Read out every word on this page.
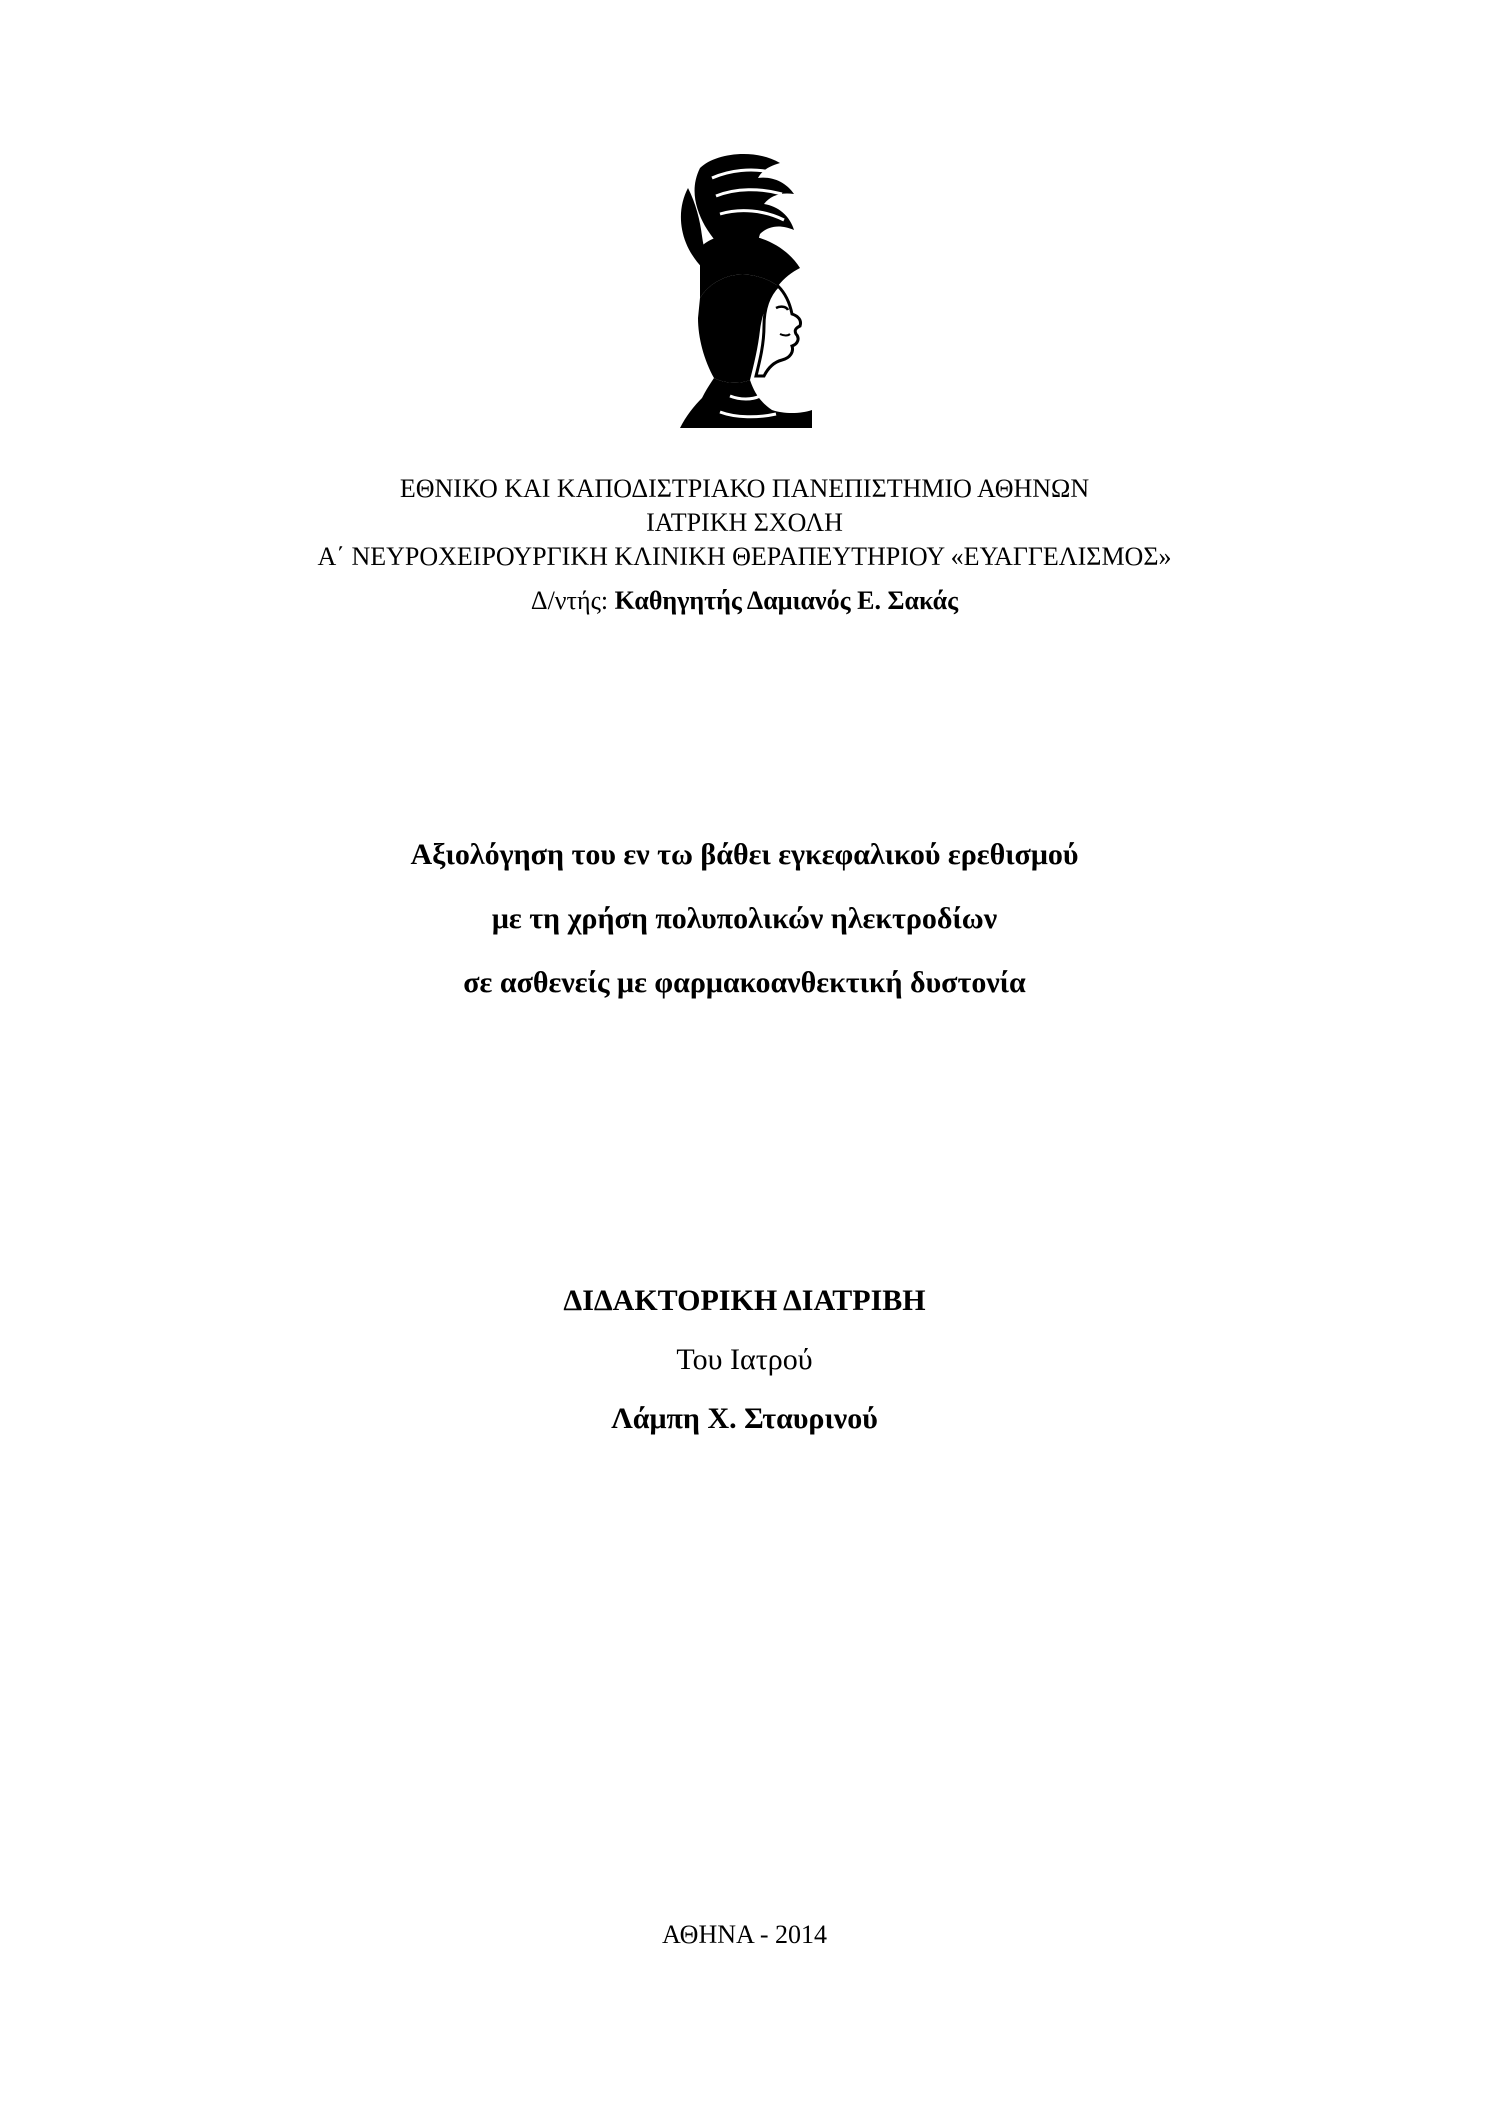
ΕΘΝΙΚΟ ΚΑΙ ΚΑΠΟΔΙΣΤΡΙΑΚΟ ΠΑΝΕΠΙΣΤΗΜΙΟ ΑΘΗΝΩΝ
ΙΑΤΡΙΚΗ ΣΧΟΛΗ
Α΄ ΝΕΥΡΟΧΕΙΡΟΥΡΓΙΚΗ ΚΛΙΝΙΚΗ ΘΕΡΑΠΕΥΤΗΡΙΟΥ «ΕΥΑΓΓΕΛΙΣΜΟΣ»
Δ/ντής: Καθηγητής Δαμιανός Ε. Σακάς
Αξιολόγηση του εν τω βάθει εγκεφαλικού ερεθισμού
με τη χρήση πολυπολικών ηλεκτροδίων
σε ασθενείς με φαρμακοανθεκτική δυστονία
ΔΙΔΑΚΤΟΡΙΚΗ ΔΙΑΤΡΙΒΗ
Του Ιατρού
Λάμπη Χ. Σταυρινού
ΑΘΗΝΑ - 2014
